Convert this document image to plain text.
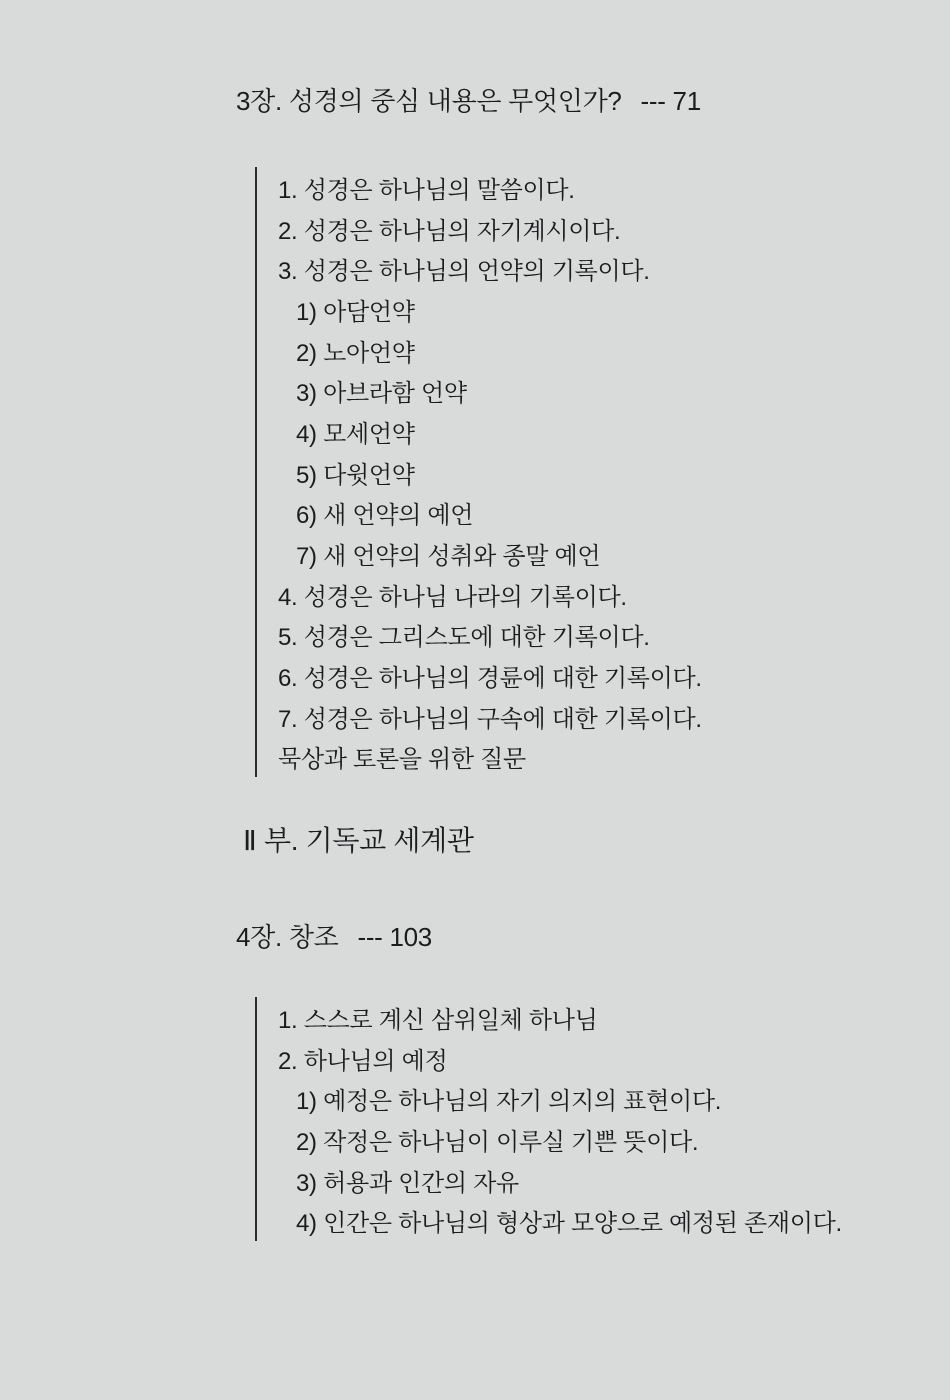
3장. 성경의 중심 내용은 무엇인가? --- 71
1. 성경은 하나님의 말씀이다.
2. 성경은 하나님의 자기계시이다.
3. 성경은 하나님의 언약의 기록이다.
1) 아담언약
2) 노아언약
3) 아브라함 언약
4) 모세언약
5) 다윗언약
6) 새 언약의 예언
7) 새 언약의 성취와 종말 예언
4. 성경은 하나님 나라의 기록이다.
5. 성경은 그리스도에 대한 기록이다.
6. 성경은 하나님의 경륜에 대한 기록이다.
7. 성경은 하나님의 구속에 대한 기록이다.
묵상과 토론을 위한 질문
Ⅱ 부. 기독교 세계관
4장. 창조 --- 103
1. 스스로 계신 삼위일체 하나님
2. 하나님의 예정
1) 예정은 하나님의 자기 의지의 표현이다.
2) 작정은 하나님이 이루실 기쁜 뜻이다.
3) 허용과 인간의 자유
4) 인간은 하나님의 형상과 모양으로 예정된 존재이다.
